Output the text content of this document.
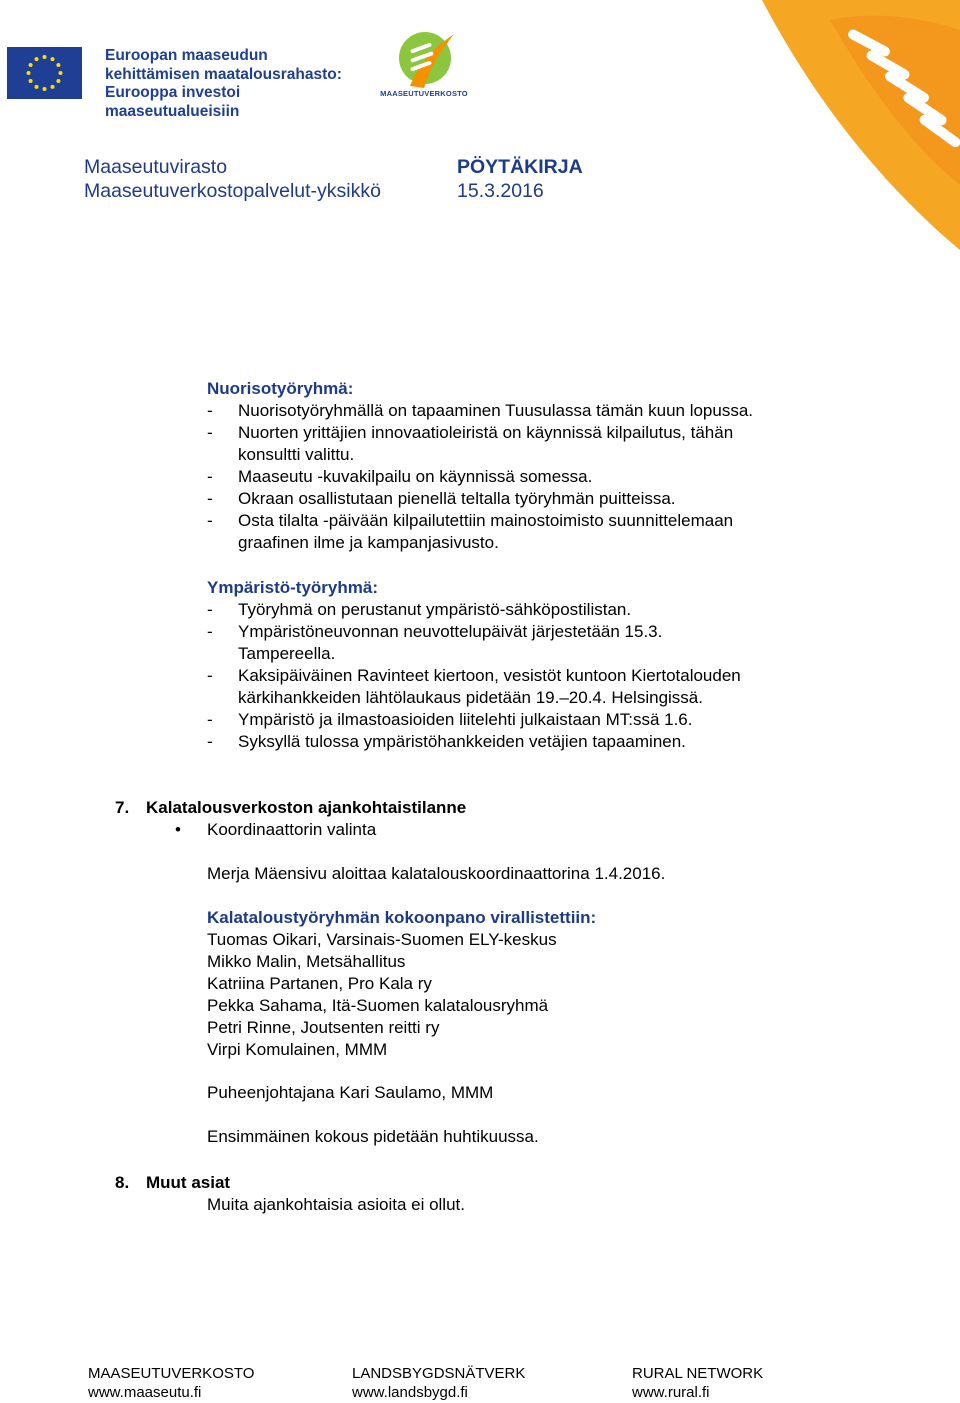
Euroopan maaseudun
kehittämisen maatalousrahasto:
Eurooppa investoi maaseutualueisiin
MAASEUTUVERKOSTO
Maaseutuvirasto
Maaseutuverkostopalvelut-yksikkö
PÖYTÄKIRJA
15.3.2016
Nuorisotyöryhmä:
- Nuorisotyöryhmällä on tapaaminen Tuusulassa tämän kuun lopussa.
- Nuorten yrittäjien innovaatioleiristä on käynnissä kilpailutus, tähän
konsultti valittu.
- Maaseutu -kuvakilpailu on käynnissä somessa.
- Okraan osallistutaan pienellä teltalla työryhmän puitteissa.
- Osta tilalta -päivään kilpailutettiin mainostoimisto suunnittelemaan
graafinen ilme ja kampanjasivusto.
Ympäristö-työryhmä:
- Työryhmä on perustanut ympäristö-sähköpostilistan.
- Ympäristöneuvonnan neuvottelupäivät järjestetään 15.3.
Tampereella.
- Kaksipäiväinen Ravinteet kiertoon, vesistöt kuntoon Kiertotalouden
kärkihankkeiden lähtölaukaus pidetään 19.–20.4. Helsingissä.
- Ympäristö ja ilmastoasioiden liitelehti julkaistaan MT:ssä 1.6.
- Syksyllä tulossa ympäristöhankkeiden vetäjien tapaaminen.
7. Kalatalousverkoston ajankohtaistilanne
• Koordinaattorin valinta
Merja Mäensivu aloittaa kalatalouskoordinaattorina 1.4.2016.
Kalataloustyöryhmän kokoonpano virallistettiin:
Tuomas Oikari, Varsinais-Suomen ELY-keskus
Mikko Malin, Metsähallitus
Katriina Partanen, Pro Kala ry
Pekka Sahama, Itä-Suomen kalatalousryhmä
Petri Rinne, Joutsenten reitti ry
Virpi Komulainen, MMM
Puheenjohtajana Kari Saulamo, MMM
Ensimmäinen kokous pidetään huhtikuussa.
8. Muut asiat
Muita ajankohtaisia asioita ei ollut.
MAASEUTUVERKOSTO
www.maaseutu.fi
LANDSBYGDSNÄTVERK
www.landsbygd.fi
RURAL NETWORK
www.rural.fi
